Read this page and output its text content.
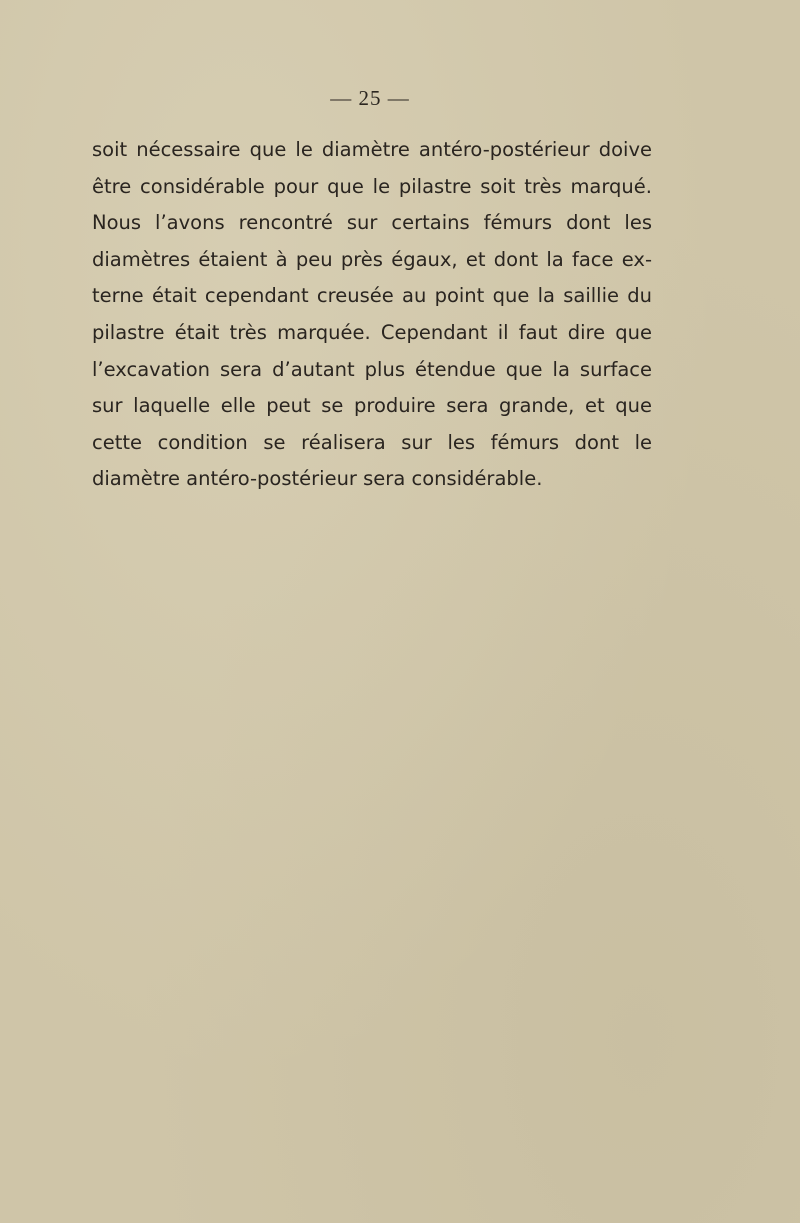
— 25 —
soit nécessaire que le diamètre antéro-postérieur doive
être considérable pour que le pilastre soit très marqué.
Nous l’avons rencontré sur certains fémurs dont les
diamètres étaient à peu près égaux, et dont la face ex-
terne était cependant creusée au point que la saillie du
pilastre était très marquée. Cependant il faut dire que
l’excavation sera d’autant plus étendue que la surface
sur laquelle elle peut se produire sera grande, et que
cette condition se réalisera sur les fémurs dont le
diamètre antéro-postérieur sera considérable.
